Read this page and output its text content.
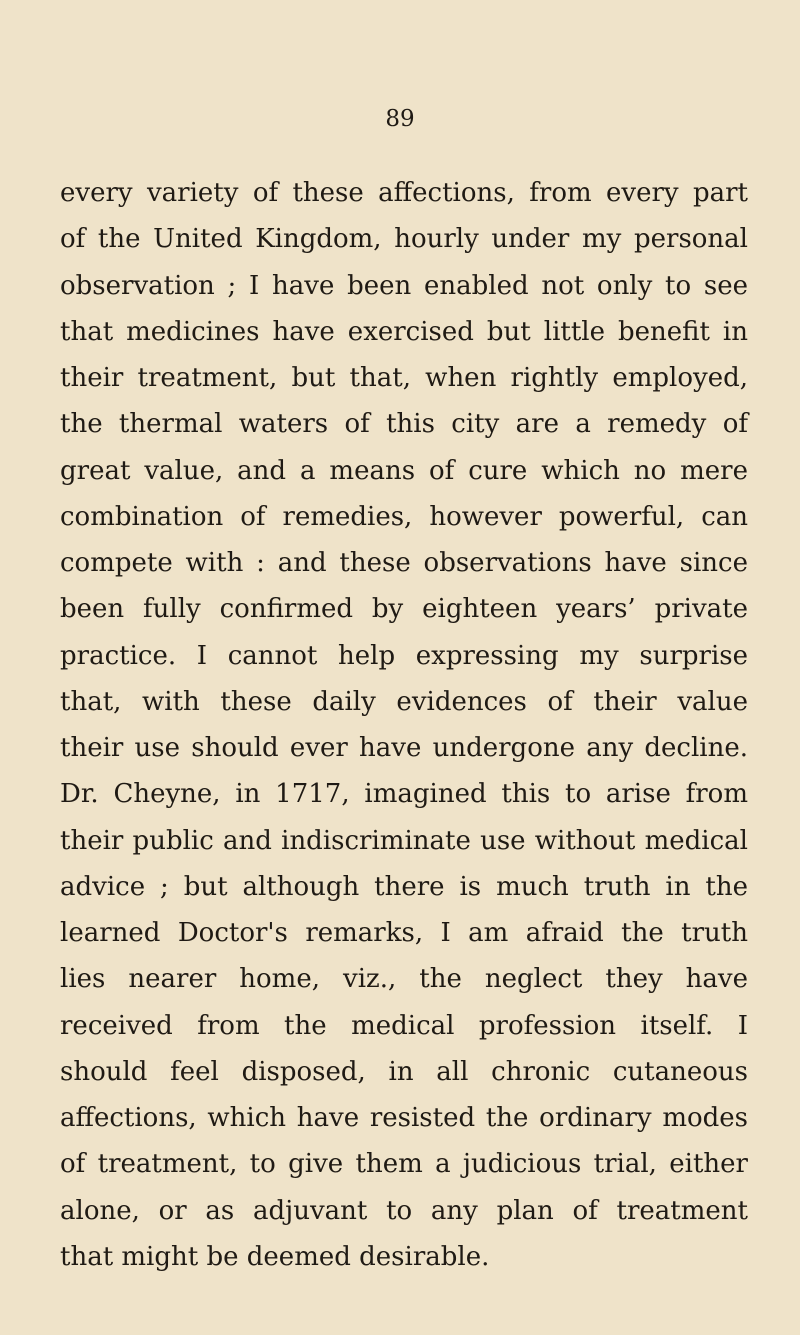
89
every variety of these affections, from every part
of the United Kingdom, hourly under my personal
observation ; I have been enabled not only to see
that medicines have exercised but little benefit in
their treatment, but that, when rightly employed,
the thermal waters of this city are a remedy of
great value, and a means of cure which no mere
combination of remedies, however powerful, can
compete with : and these observations have since
been fully confirmed by eighteen years’ private
practice. I cannot help expressing my surprise
that, with these daily evidences of their value
their use should ever have undergone any decline.
Dr. Cheyne, in 1717, imagined this to arise from
their public and indiscriminate use without medical
advice ; but although there is much truth in the
learned Doctor's remarks, I am afraid the truth
lies nearer home, viz., the neglect they have
received from the medical profession itself. I
should feel disposed, in all chronic cutaneous
affections, which have resisted the ordinary modes
of treatment, to give them a judicious trial, either
alone, or as adjuvant to any plan of treatment
that might be deemed desirable.
